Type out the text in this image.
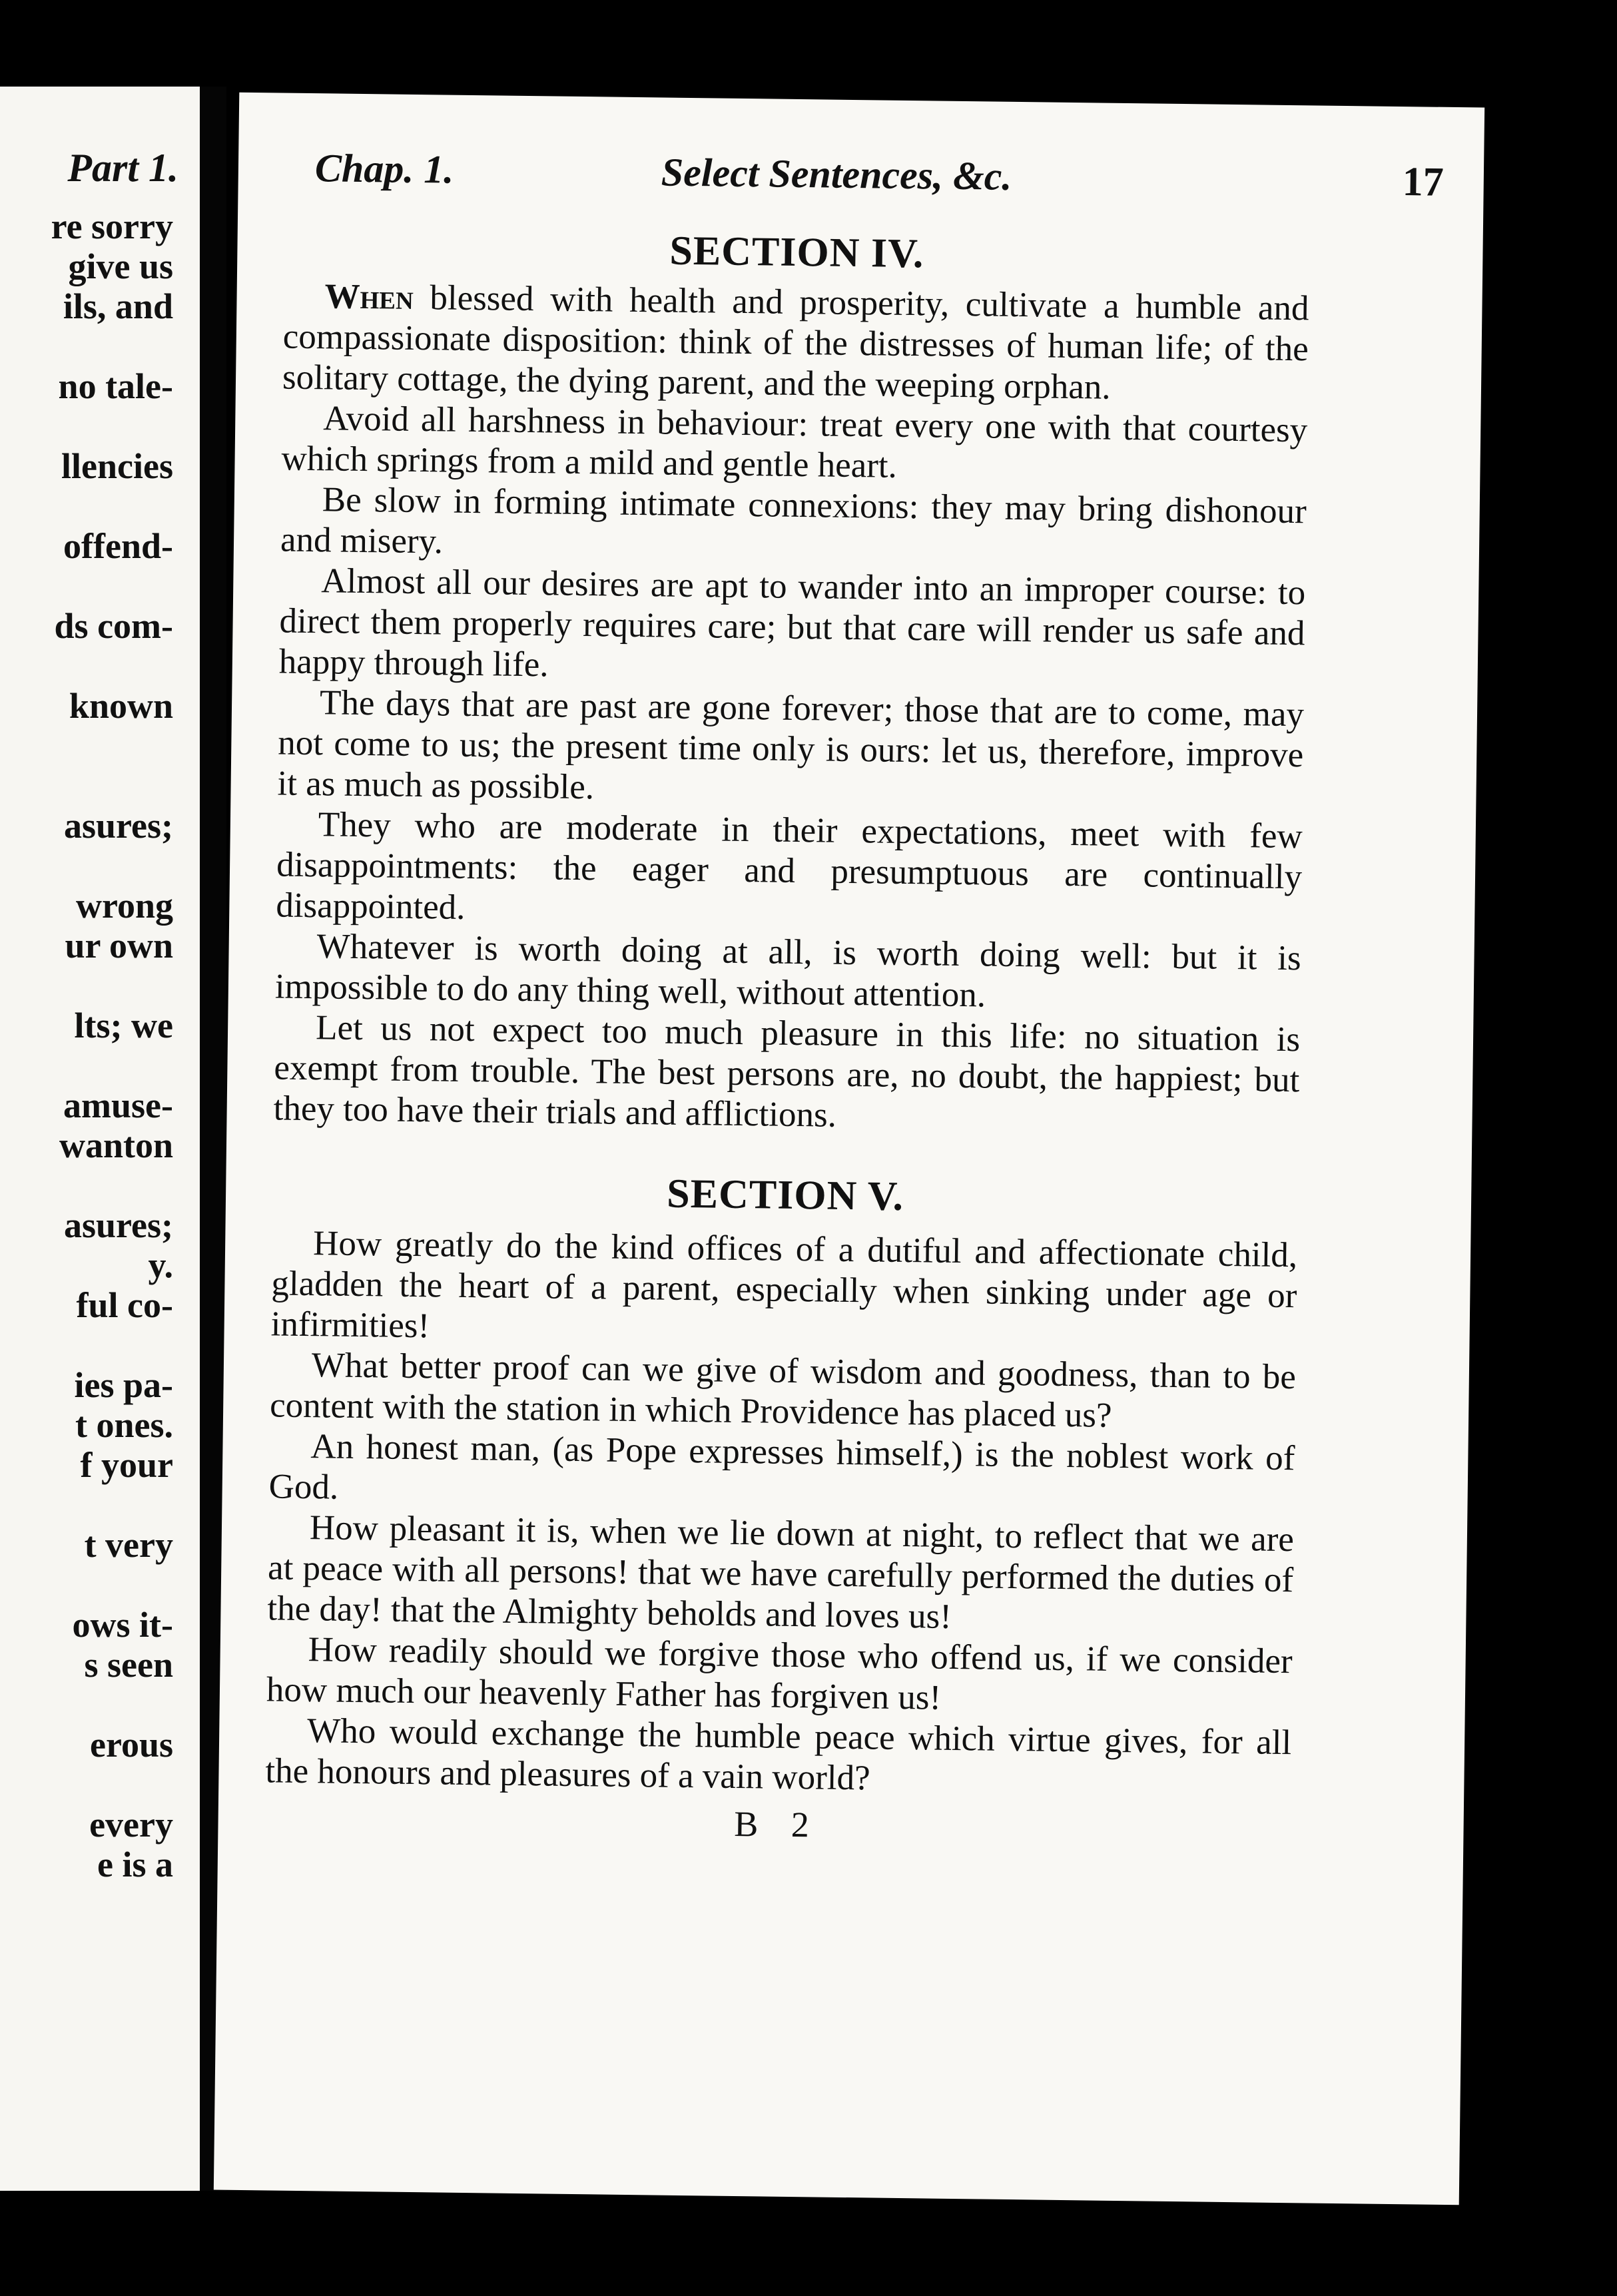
Part 1.
re sorry
give us
ils, and
no tale-
llencies
offend-
ds com-
known
asures;
wrong
ur own
lts; we
amuse-
wanton
asures;
y.
ful co-
ies pa-
t ones.
f your
t very
ows it-
s seen
erous
every
e is a
Chap. 1.	Select Sentences, &c.	17
SECTION IV.

When blessed with health and prosperity, cultivate a humble and compassionate disposition: think of the distresses of human life; of the solitary cottage, the dying parent, and the weeping orphan.

Avoid all harshness in behaviour: treat every one with that courtesy which springs from a mild and gentle heart.

Be slow in forming intimate connexions: they may bring dishonour and misery.

Almost all our desires are apt to wander into an improper course: to direct them properly requires care; but that care will render us safe and happy through life.

The days that are past are gone forever; those that are to come, may not come to us; the present time only is ours: let us, therefore, improve it as much as possible.

They who are moderate in their expectations, meet with few disappointments: the eager and presumptuous are continually disappointed.

Whatever is worth doing at all, is worth doing well: but it is impossible to do any thing well, without attention.

Let us not expect too much pleasure in this life: no situation is exempt from trouble. The best persons are, no doubt, the happiest; but they too have their trials and afflictions.

SECTION V.

How greatly do the kind offices of a dutiful and affectionate child, gladden the heart of a parent, especially when sinking under age or infirmities!

What better proof can we give of wisdom and goodness, than to be content with the station in which Providence has placed us?

An honest man, (as Pope expresses himself,) is the noblest work of God.

How pleasant it is, when we lie down at night, to reflect that we are at peace with all persons! that we have carefully performed the duties of the day! that the Almighty beholds and loves us!

How readily should we forgive those who offend us, if we consider how much our heavenly Father has forgiven us!

Who would exchange the humble peace which virtue gives, for all the honours and pleasures of a vain world?

B 2
